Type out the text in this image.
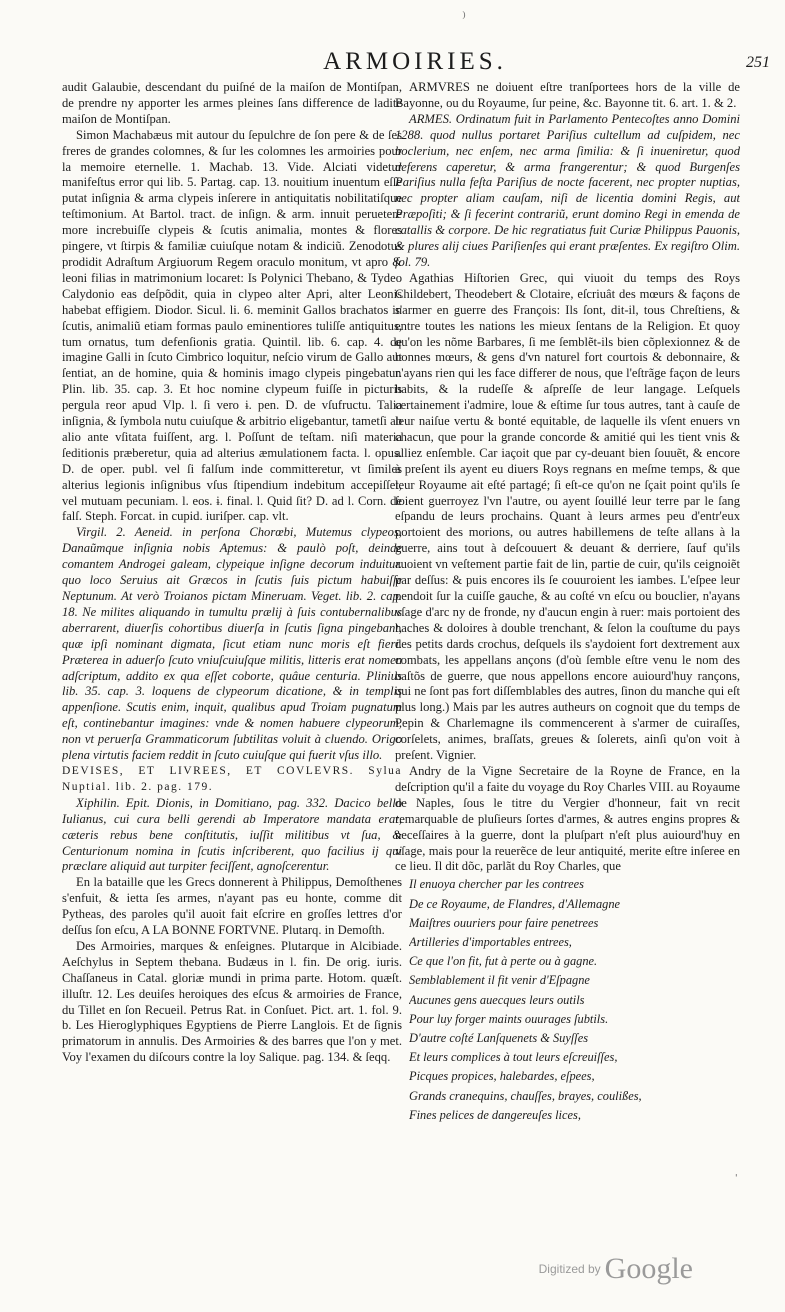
⁾
ARMOIRIES.	251

audit Galaubie, descendant du puiſné de la maiſon de Montiſpan, de prendre ny apporter les armes pleines ſans difference de ladite maiſon de Montiſpan.

Simon Machabæus mit autour du ſepulchre de ſon pere & de ſes freres de grandes colomnes, & ſur les colomnes les armoiries pour la memoire eternelle. 1. Machab. 13. Vide. Alciati videtur manifeſtus error qui lib. 5. Partag. cap. 13. nouitium inuentum eſſe putat inſignia & arma clypeis inſerere in antiquitatis nobilitatiſque teſtimonium. At Bartol. tract. de inſign. & arm. innuit peruetere more increbuiſſe clypeis & ſcutis animalia, montes & flores pingere, vt ſtirpis & familiæ cuiuſque notam & indiciũ. Zenodotus prodidit Adraſtum Argiuorum Regem oraculo monitum, vt apro & leoni filias in matrimonium locaret: Is Polynici Thebano, & Tydeo Calydonio eas deſpõdit, quia in clypeo alter Apri, alter Leonis habebat effigiem. Diodor. Sicul. li. 6. meminit Gallos brachatos in ſcutis, animaliũ etiam formas paulo eminentiores tuliſſe antiquitus, tum ornatus, tum defenſionis gratia. Quintil. lib. 6. cap. 4. de imagine Galli in ſcuto Cimbrico loquitur, neſcio virum de Gallo aut ſentiat, an de homine, quia & hominis imago clypeis pingebatur. Plin. lib. 35. cap. 3. Et hoc nomine clypeum fuiſſe in picturis pergula reor apud Vlp. l. ſi vero ɨ. pen. D. de vſufructu. Talia inſignia, & ſymbola nutu cuiuſque & arbitrio eligebantur, tametſi ab alio ante vſitata fuiſſent, arg. l. Poſſunt de teſtam. niſi materia ſeditionis præberetur, quia ad alterius æmulationem facta. l. opus. D. de oper. publ. vel ſi falſum inde committeretur, vt ſimiles alterius legionis inſignibus vſus ſtipendium indebitum accepiſſet, vel mutuam pecuniam. l. eos. ɨ. final. l. Quid ſit? D. ad l. Corn. de falſ. Steph. Forcat. in cupid. iuriſper. cap. vlt.

Virgil. 2. Aeneid. in perſona Chorœbi, Mutemus clypeos, Danaũmque inſignia nobis Aptemus: & paulò poſt, deinde comantem Androgei galeam, clypeique inſigne decorum induitur. quo loco Seruius ait Græcos in ſcutis ſuis pictum habuiſſe Neptunum. At verò Troianos pictam Mineruam. Veget. lib. 2. cap. 18. Ne milites aliquando in tumultu prælij à ſuis contubernalibus aberrarent, diuerſis cohortibus diuerſa in ſcutis ſigna pingebant, quæ ipſi nominant digmata, ſicut etiam nunc moris eſt fieri. Præterea in aduerſo ſcuto vniuſcuiuſque militis, litteris erat nomen adſcriptum, addito ex qua eſſet coborte, quâue centuria. Plinius lib. 35. cap. 3. loquens de clypeorum dicatione, & in templis appenſione. Scutis enim, inquit, qualibus apud Troiam pugnatum eſt, continebantur imagines: vnde & nomen habuere clypeorum, non vt peruerſa Grammaticorum ſubtilitas voluit à cluendo. Origo plena virtutis faciem reddit in ſcuto cuiuſque qui fuerit vſus illo.

DEVISES, ET LIVREES, ET COVLEVRS. Sylua Nuptial. lib. 2. pag. 179.

Xiphilin. Epit. Dionis, in Domitiano, pag. 332. Dacico bello Iulianus, cui cura belli gerendi ab Imperatore mandata erat, cæteris rebus bene conſtitutis, iuſſit militibus vt ſua, & Centurionum nomina in ſcutis inſcriberent, quo facilius ij qui præclare aliquid aut turpiter feciſſent, agnoſcerentur.

En la bataille que les Grecs donnerent à Philippus, Demoſthenes s'enfuit, & ietta ſes armes, n'ayant pas eu honte, comme dit Pytheas, des paroles qu'il auoit fait eſcrire en groſſes lettres d'or deſſus ſon eſcu, A LA BONNE FORTVNE. Plutarq. in Demoſth.

Des Armoiries, marques & enſeignes. Plutarque in Alcibiade. Aeſchylus in Septem thebana. Budæus in l. fin. De orig. iuris. Chaſſaneus in Catal. gloriæ mundi in prima parte. Hotom. quæſt. illuſtr. 12. Les deuiſes heroiques des eſcus & armoiries de France, du Tillet en ſon Recueil. Petrus Rat. in Conſuet. Pict. art. 1. fol. 9. b. Les Hieroglyphiques Egyptiens de Pierre Langlois. Et de ſignis primatorum in annulis. Des Armoiries & des barres que l'on y met. Voy l'examen du diſcours contre la loy Salique. pag. 134. & ſeqq.

ARMVRES ne doiuent eſtre tranſportees hors de la ville de Bayonne, ou du Royaume, ſur peine, &c. Bayonne tit. 6. art. 1. & 2.

ARMES. Ordinatum fuit in Parlamento Pentecoſtes anno Domini 1288. quod nullus portaret Pariſius cultellum ad cuſpidem, nec boclerium, nec enſem, nec arma ſimilia: & ſi inueniretur, quod deferens caperetur, & arma frangerentur; & quod Burgenſes Pariſius nulla feſta Pariſius de nocte facerent, nec propter nuptias, nec propter aliam cauſam, niſi de licentia domini Regis, aut Præpoſiti; & ſi fecerint contrariũ, erunt domino Regi in emenda de catallis & corpore. De hic regratiatus fuit Curiæ Philippus Pauonis, & plures alij ciues Pariſienſes qui erant præſentes. Ex regiſtro Olim. fol. 79.

Agathias Hiſtorien Grec, qui viuoit du temps des Roys Childebert, Theodebert & Clotaire, eſcriuât des mœurs & façons de s'armer en guerre des François: Ils ſont, dit-il, tous Chreſtiens, & entre toutes les nations les mieux ſentans de la Religion. Et quoy qu'on les nõme Barbares, ſi me ſemblẽt-ils bien cõplexionnez & de bonnes mœurs, & gens d'vn naturel fort courtois & debonnaire, & n'ayans rien qui les face differer de nous, que l'eſtrãge façon de leurs habits, & la rudeſſe & aſpreſſe de leur langage. Leſquels certainement i'admire, loue & eſtime ſur tous autres, tant à cauſe de leur naiſue vertu & bonté equitable, de laquelle ils vſent enuers vn chacun, que pour la grande concorde & amitié qui les tient vnis & alliez enſemble. Car iaçoit que par cy-deuant bien ſouuẽt, & encore à preſent ils ayent eu diuers Roys regnans en meſme temps, & que leur Royaume ait eſté partagé; ſi eſt-ce qu'on ne ſçait point qu'ils ſe ſoient guerroyez l'vn l'autre, ou ayent ſouillé leur terre par le ſang eſpandu de leurs prochains. Quant à leurs armes peu d'entr'eux portoient des morions, ou autres habillemens de teſte allans à la guerre, ains tout à deſcouuert & deuant & derriere, ſauf qu'ils auoient vn veſtement partie fait de lin, partie de cuir, qu'ils ceignoiẽt par deſſus: & puis encores ils ſe couuroient les iambes. L'eſpee leur pendoit ſur la cuiſſe gauche, & au coſté vn eſcu ou bouclier, n'ayans vſage d'arc ny de fronde, ny d'aucun engin à ruer: mais portoient des haches & doloires à double trenchant, & ſelon la couſtume du pays des petits dards crochus, deſquels ils s'aydoient fort dextrement aux combats, les appellans ançons (d'où ſemble eſtre venu le nom des baſtõs de guerre, que nous appellons encore auiourd'huy rançons, qui ne ſont pas fort diſſemblables des autres, ſinon du manche qui eſt plus long.) Mais par les autres autheurs on cognoit que du temps de Pepin & Charlemagne ils commencerent à s'armer de cuiraſſes, corſelets, animes, braſſats, greues & ſolerets, ainſi qu'on voit à preſent. Vignier.

Andry de la Vigne Secretaire de la Royne de France, en la deſcription qu'il a faite du voyage du Roy Charles VIII. au Royaume de Naples, ſous le titre du Vergier d'honneur, fait vn recit remarquable de pluſieurs ſortes d'armes, & autres engins propres & neceſſaires à la guerre, dont la pluſpart n'eſt plus auiourd'huy en vſage, mais pour la reuerẽce de leur antiquité, merite eſtre inſeree en ce lieu. Il dit dõc, parlãt du Roy Charles, que

Il enuoya chercher par les contrees
De ce Royaume, de Flandres, d'Allemagne
Maiſtres ouuriers pour faire penetrees
Artilleries d'importables entrees,
Ce que l'on fit, fut à perte ou à gagne.
Semblablement il fit venir d'Eſpagne
Aucunes gens auecques leurs outils
Pour luy forger maints ouurages ſubtils.
D'autre coſté Lanſquenets & Suyſſes
Et leurs complices à tout leurs eſcreuiſſes,
Picques propices, halebardes, eſpees,
Grands cranequins, chauſſes, brayes, coulißes,
Fines pelices de dangereuſes lices,
ˈ
Digitized by Google
